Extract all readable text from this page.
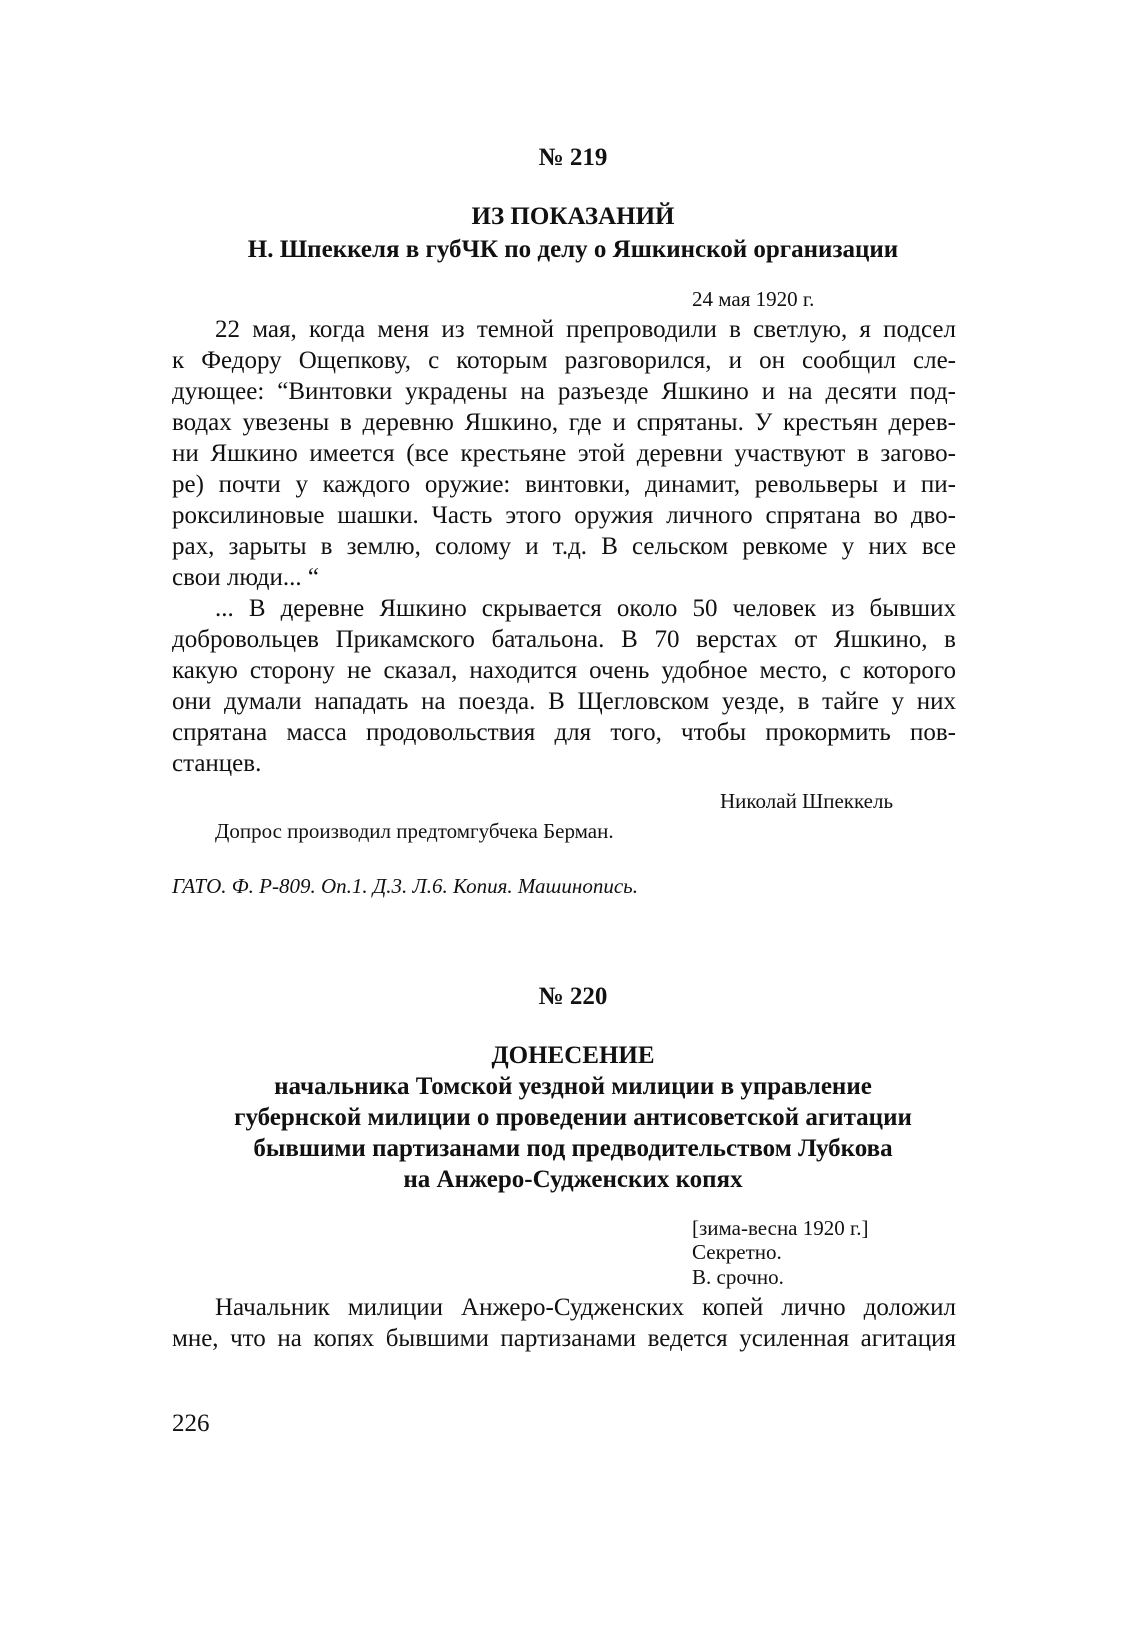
№ 219
ИЗ ПОКАЗАНИЙ
Н. Шпеккеля в губЧК по делу о Яшкинской организации
24 мая 1920 г.
22 мая, когда меня из темной препроводили в светлую, я подсел
к Федору Ощепкову, с которым разговорился, и он сообщил сле-
дующее: “Винтовки украдены на разъезде Яшкино и на десяти под-
водах увезены в деревню Яшкино, где и спрятаны. У крестьян дерев-
ни Яшкино имеется (все крестьяне этой деревни участвуют в загово-
ре) почти у каждого оружие: винтовки, динамит, револьверы и пи-
роксилиновые шашки. Часть этого оружия личного спрятана во дво-
рах, зарыты в землю, солому и т.д. В сельском ревкоме у них все
свои люди... “
... В деревне Яшкино скрывается около 50 человек из бывших
добровольцев Прикамского батальона. В 70 верстах от Яшкино, в
какую сторону не сказал, находится очень удобное место, с которого
они думали нападать на поезда. В Щегловском уезде, в тайге у них
спрятана масса продовольствия для того, чтобы прокормить пов-
станцев.
Николай Шпеккель
Допрос производил предтомгубчека Берман.
ГАТО. Ф. Р-809. Оп.1. Д.3. Л.6. Копия. Машинопись.
№ 220
ДОНЕСЕНИЕ
начальника Томской уездной милиции в управление
губернской милиции о проведении антисоветской агитации
бывшими партизанами под предводительством Лубкова
на Анжеро-Судженских копях
[зима-весна 1920 г.]
Секретно.
В. срочно.
Начальник милиции Анжеро-Судженских копей лично доложил
мне, что на копях бывшими партизанами ведется усиленная агитация
226
